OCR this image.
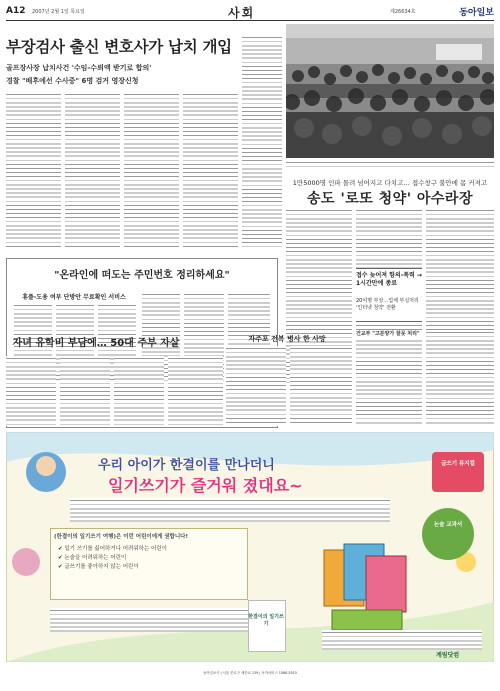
A12 2007년 2월 1일 목요일	사회	제26634호	동아일보
부장검사 출신 변호사가 납치 개입
골프장사장 납치사건 '수임-수뢰액 받기로 합의'
경찰 "배후에선 수사중" 6명 검거 영장신청
1만5000명 인파 몰려 넘어지고 다치고… 접수창구 불안에 몸 커져고
송도 '로또 청약' 아수라장
접수 늦어져 항의-폭력 → 1시간만에 종료
20여명 부상…업체 부실처리 '인터넷 청약' 전환
건교부 "고분양가 잘못 처리"
"온라인에 떠도는 주민번호 정리하세요"
휴플-도용 여부 단방안 무료확인 서비스
자녀 유학비 부담에… 50대 주부 자살	자주포 전복 병사 한 사망
우리 아이가 한결이를 만나더니
일기쓰기가 즐거워 졌대요~
(한결이의 일기쓰기 여행)은 이런 어린이에게 권합니다!
✔ 일기 쓰기를 싫어하거나 어려워하는 어린이
✔ 논술을 어려워하는 어린이
✔ 글쓰기를 좋아하지 않는 어린이
한결이의 일기쓰기
글쓰기 뮤지컬
논술 교과서
계림닷컴
동아일보사 | 서울 종로구 세종로 139 | 독자서비스 1588-5515
